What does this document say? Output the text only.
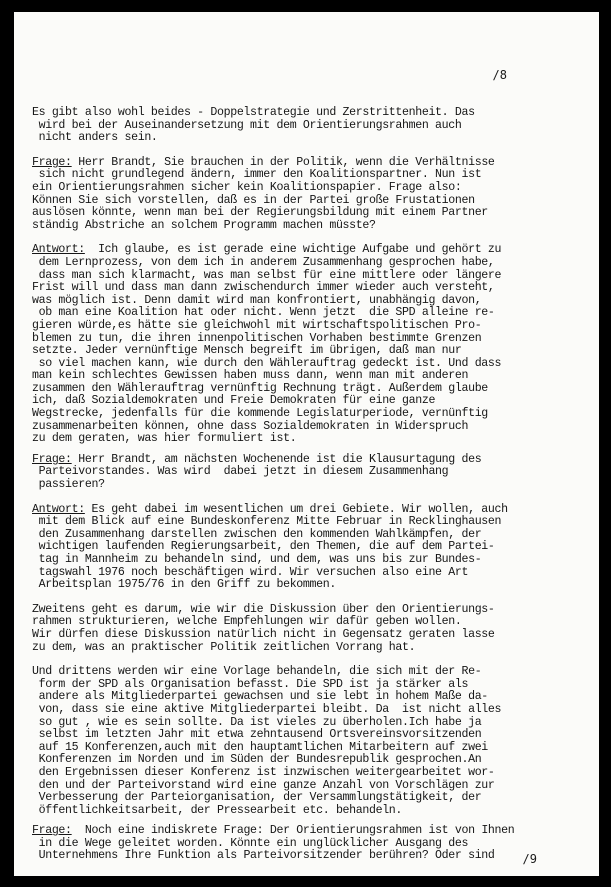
/8

Es gibt also wohl beides - Doppelstrategie und Zerstrittenheit. Das
wird bei der Auseinandersetzung mit dem Orientierungsrahmen auch
nicht anders sein.

Frage: Herr Brandt, Sie brauchen in der Politik, wenn die Verhältnisse
sich nicht grundlegend ändern, immer den Koalitionspartner. Nun ist
ein Orientierungsrahmen sicher kein Koalitionspapier. Frage also:
Können Sie sich vorstellen, daß es in der Partei große Frustationen
auslösen könnte, wenn man bei der Regierungsbildung mit einem Partner
ständig Abstriche an solchem Programm machen müsste?

Antwort:  Ich glaube, es ist gerade eine wichtige Aufgabe und gehört zu
dem Lernprozess, von dem ich in anderem Zusammenhang gesprochen habe,
dass man sich klarmacht, was man selbst für eine mittlere oder längere
Frist will und dass man dann zwischendurch immer wieder auch versteht,
was möglich ist. Denn damit wird man konfrontiert, unabhängig davon,
ob man eine Koalition hat oder nicht. Wenn jetzt  die SPD alleine re-
gieren würde,es hätte sie gleichwohl mit wirtschaftspolitischen Pro-
blemen zu tun, die ihren innenpolitischen Vorhaben bestimmte Grenzen
setzte. Jeder vernünftige Mensch begreift im übrigen, daß man nur
so viel machen kann, wie durch den Wählerauftrag gedeckt ist. Und dass
man kein schlechtes Gewissen haben muss dann, wenn man mit anderen
zusammen den Wählerauftrag vernünftig Rechnung trägt. Außerdem glaube
ich, daß Sozialdemokraten und Freie Demokraten für eine ganze
Wegstrecke, jedenfalls für die kommende Legislaturperiode, vernünftig
zusammenarbeiten können, ohne dass Sozialdemokraten in Widerspruch
zu dem geraten, was hier formuliert ist.

Frage: Herr Brandt, am nächsten Wochenende ist die Klausurtagung des
Parteivorstandes. Was wird  dabei jetzt in diesem Zusammenhang
passieren?

Antwort: Es geht dabei im wesentlichen um drei Gebiete. Wir wollen, auch
mit dem Blick auf eine Bundeskonferenz Mitte Februar in Recklinghausen
den Zusammenhang darstellen zwischen den kommenden Wahlkämpfen, der
wichtigen laufenden Regierungsarbeit, den Themen, die auf dem Partei-
tag in Mannheim zu behandeln sind, und dem, was uns bis zur Bundes-
tagswahl 1976 noch beschäftigen wird. Wir versuchen also eine Art
Arbeitsplan 1975/76 in den Griff zu bekommen.

Zweitens geht es darum, wie wir die Diskussion über den Orientierungs-
rahmen strukturieren, welche Empfehlungen wir dafür geben wollen.
Wir dürfen diese Diskussion natürlich nicht in Gegensatz geraten lasse
zu dem, was an praktischer Politik zeitlichen Vorrang hat.

Und drittens werden wir eine Vorlage behandeln, die sich mit der Re-
form der SPD als Organisation befasst. Die SPD ist ja stärker als
andere als Mitgliederpartei gewachsen und sie lebt in hohem Maße da-
von, dass sie eine aktive Mitgliederpartei bleibt. Da  ist nicht alles
so gut , wie es sein sollte. Da ist vieles zu überholen.Ich habe ja
selbst im letzten Jahr mit etwa zehntausend Ortsvereinsvorsitzenden
auf 15 Konferenzen,auch mit den hauptamtlichen Mitarbeitern auf zwei
Konferenzen im Norden und im Süden der Bundesrepublik gesprochen.An
den Ergebnissen dieser Konferenz ist inzwischen weitergearbeitet wor-
den und der Parteivorstand wird eine ganze Anzahl von Vorschlägen zur
Verbesserung der Parteiorganisation, der Versammlungstätigkeit, der
öffentlichkeitsarbeit, der Pressearbeit etc. behandeln.

Frage:  Noch eine indiskrete Frage: Der Orientierungsrahmen ist von Ihnen
in die Wege geleitet worden. Könnte ein unglücklicher Ausgang des
Unternehmens Ihre Funktion als Parteivorsitzender berühren? Oder sind	/9
